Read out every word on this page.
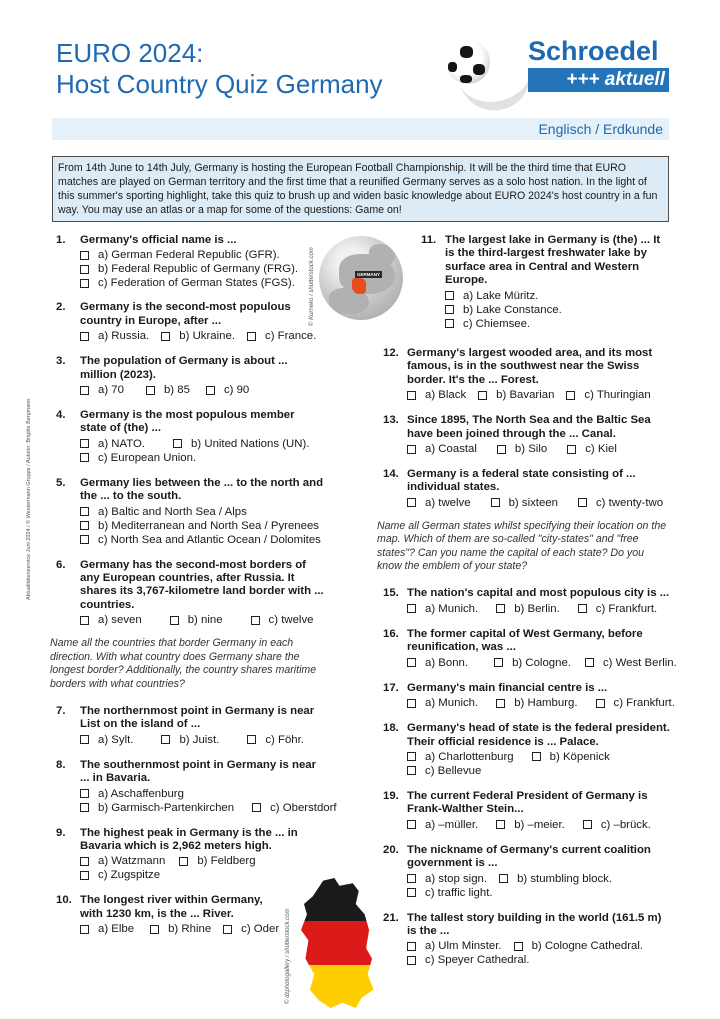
EURO 2024:
Host Country Quiz Germany
Schroedel
+++ aktuell
Englisch / Erdkunde
From 14th June to 14th July, Germany is hosting the European Football Championship. It will be the third time that EURO matches are played on German territory and the first time that a reunified Germany serves as a solo host nation. In the light of this summer's sporting highlight, take this quiz to brush up and widen basic knowledge about EURO 2024's host country in a fun way. You may use an atlas or a map for some of the questions: Game on!
Aktualitätenservice Juni 2024 / © Westermann Gruppe / Autorin: Brigitte Bergmann
GERMANY
© Kurneko / shutterstock.com
© dzphotogallery / shutterstock.com
1.	Germany's official name is ...
a) German Federal Republic (GFR).
b) Federal Republic of Germany (FRG).
c) Federation of German States (FGS).
2.	Germany is the second-most populous country in Europe, after ...
a) Russia.	b) Ukraine.	c) France.
3.	The population of Germany is about ... million (2023).
a) 70	b) 85	c) 90
4.	Germany is the most populous member state of (the) ...
a) NATO.	b) United Nations (UN).
c) European Union.
5.	Germany lies between the ... to the north and the ... to the south.
a) Baltic and North Sea / Alps
b) Mediterranean and North Sea / Pyrenees
c) North Sea and Atlantic Ocean / Dolomites
6.	Germany has the second-most borders of any European countries, after Russia. It shares its 3,767-kilometre land border with ... countries.
a) seven	b) nine	c) twelve
Name all the countries that border Germany in each direction. With what country does Germany share the longest border? Additionally, the country shares maritime borders with what countries?
7.	The northernmost point in Germany is near List on the island of ...
a) Sylt.	b) Juist.	c) Föhr.
8.	The southernmost point in Germany is near ... in Bavaria.
a) Aschaffenburg
b) Garmisch-Partenkirchen	c) Oberstdorf
9.	The highest peak in Germany is the ... in Bavaria which is 2,962 meters high.
a) Watzmann	b) Feldberg
c) Zugspitze
10. The longest river within Germany, with 1230 km, is the ... River.
a) Elbe	b) Rhine	c) Oder
11. The largest lake in Germany is (the) ... It is the third-largest freshwater lake by surface area in Central and Western Europe.
a) Lake Müritz.
b) Lake Constance.
c) Chiemsee.
12. Germany's largest wooded area, and its most famous, is in the southwest near the Swiss border. It's the ... Forest.
a) Black	b) Bavarian	c) Thuringian
13. Since 1895, The North Sea and the Baltic Sea have been joined through the ... Canal.
a) Coastal	b) Silo	c) Kiel
14. Germany is a federal state consisting of ... individual states.
a) twelve	b) sixteen	c) twenty-two
Name all German states whilst specifying their location on the map. Which of them are so-called "city-states" and "free states"? Can you name the capital of each state? Do you know the emblem of your state?
15. The nation's capital and most populous city is ...
a) Munich.	b) Berlin.	c) Frankfurt.
16. The former capital of West Germany, before reunification, was ...
a) Bonn.	b) Cologne.	c) West Berlin.
17. Germany's main financial centre is ...
a) Munich.	b) Hamburg.	c) Frankfurt.
18. Germany's head of state is the federal president. Their official residence is ... Palace.
a) Charlottenburg	b) Köpenick
c) Bellevue
19. The current Federal President of Germany is Frank-Walther Stein...
a) –müller.	b) –meier.	c) –brück.
20. The nickname of Germany's current coalition government is ...
a) stop sign.	b) stumbling block.
c) traffic light.
21. The tallest story building in the world (161.5 m) is the ...
a) Ulm Minster.	b) Cologne Cathedral.
c) Speyer Cathedral.
